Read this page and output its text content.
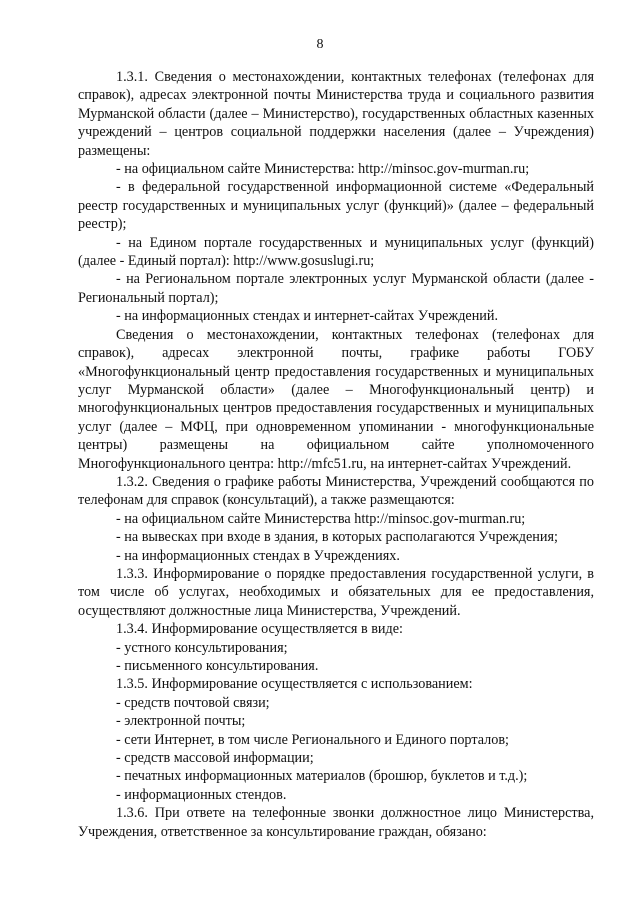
8

1.3.1. Сведения о местонахождении, контактных телефонах (телефонах для справок), адресах электронной почты Министерства труда и социального развития Мурманской области (далее – Министерство), государственных областных казенных учреждений – центров социальной поддержки населения (далее – Учреждения) размещены:

- на официальном сайте Министерства: http://minsoc.gov-murman.ru;

- в федеральной государственной информационной системе «Федеральный реестр государственных и муниципальных услуг (функций)» (далее – федеральный реестр);

- на Едином портале государственных и муниципальных услуг (функций) (далее - Единый портал): http://www.gosuslugi.ru;

- на Региональном портале электронных услуг Мурманской области (далее - Региональный портал);

- на информационных стендах и интернет-сайтах Учреждений.

Сведения о местонахождении, контактных телефонах (телефонах для справок), адресах электронной почты, графике работы ГОБУ «Многофункциональный центр предоставления государственных и муниципальных услуг Мурманской области» (далее – Многофункциональный центр) и многофункциональных центров предоставления государственных и муниципальных услуг (далее – МФЦ, при одновременном упоминании - многофункциональные центры) размещены на официальном сайте уполномоченного Многофункционального центра: http://mfc51.ru, на интернет-сайтах Учреждений.

1.3.2. Сведения о графике работы Министерства, Учреждений сообщаются по телефонам для справок (консультаций), а также размещаются:

- на официальном сайте Министерства http://minsoc.gov-murman.ru;

- на вывесках при входе в здания, в которых располагаются Учреждения;

- на информационных стендах в Учреждениях.

1.3.3. Информирование о порядке предоставления государственной услуги, в том числе об услугах, необходимых и обязательных для ее предоставления, осуществляют должностные лица Министерства, Учреждений.

1.3.4. Информирование осуществляется в виде:

- устного консультирования;

- письменного консультирования.

1.3.5. Информирование осуществляется с использованием:

- средств почтовой связи;

- электронной почты;

- сети Интернет, в том числе Регионального и Единого порталов;

- средств массовой информации;

- печатных информационных материалов (брошюр, буклетов и т.д.);

- информационных стендов.

1.3.6. При ответе на телефонные звонки должностное лицо Министерства, Учреждения, ответственное за консультирование граждан, обязано:
